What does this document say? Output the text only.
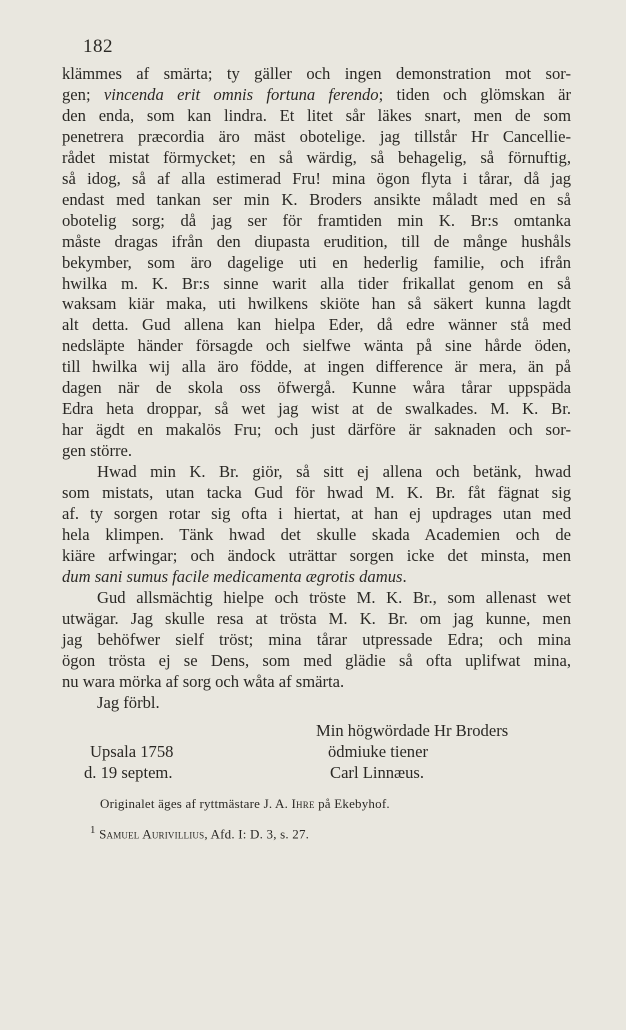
182
klämmes af smärta; ty gäller och ingen demonstration mot sor-
gen; vincenda erit omnis fortuna ferendo; tiden och glömskan är
den enda, som kan lindra. Et litet sår läkes snart, men de som
penetrera præcordia äro mäst obotelige. jag tillstår Hr Cancellie-
rådet mistat förmycket; en så wärdig, så behagelig, så förnuftig,
så idog, så af alla estimerad Fru! mina ögon flyta i tårar, då jag
endast med tankan ser min K. Broders ansikte måladt med en så
obotelig sorg; då jag ser för framtiden min K. Br:s omtanka
måste dragas ifrån den diupasta erudition, till de månge hushåls
bekymber, som äro dagelige uti en hederlig familie, och ifrån
hwilka m. K. Br:s sinne warit alla tider frikallat genom en så
waksam kiär maka, uti hwilkens skiöte han så säkert kunna lagdt
alt detta. Gud allena kan hielpa Eder, då edre wänner stå med
nedsläpte händer försagde och sielfwe wänta på sine hårde öden,
till hwilka wij alla äro födde, at ingen difference är mera, än på
dagen när de skola oss öfwergå. Kunne wåra tårar uppspäda
Edra heta droppar, så wet jag wist at de swalkades. M. K. Br.
har ägdt en makalös Fru; och just därföre är saknaden och sor-
gen större.
Hwad min K. Br. giör, så sitt ej allena och betänk, hwad
som mistats, utan tacka Gud för hwad M. K. Br. fåt fägnat sig
af. ty sorgen rotar sig ofta i hiertat, at han ej updrages utan med
hela klimpen. Tänk hwad det skulle skada Academien och de
kiäre arfwingar; och ändock uträttar sorgen icke det minsta, men
dum sani sumus facile medicamenta ægrotis damus.
Gud allsmächtig hielpe och tröste M. K. Br., som allenast wet
utwägar. Jag skulle resa at trösta M. K. Br. om jag kunne, men
jag behöfwer sielf tröst; mina tårar utpressade Edra; och mina
ögon trösta ej se Dens, som med glädie så ofta uplifwat mina,
nu wara mörka af sorg och wåta af smärta.
Jag förbl.
Min högwördade Hr Broders
Upsala 1758	ödmiuke tiener
d. 19 septem.	Carl Linnæus.
Originalet äges af ryttmästare J. A. Ihre på Ekebyhof.
$^1$ Samuel Aurivillius, Afd. I: D. 3, s. 27.
